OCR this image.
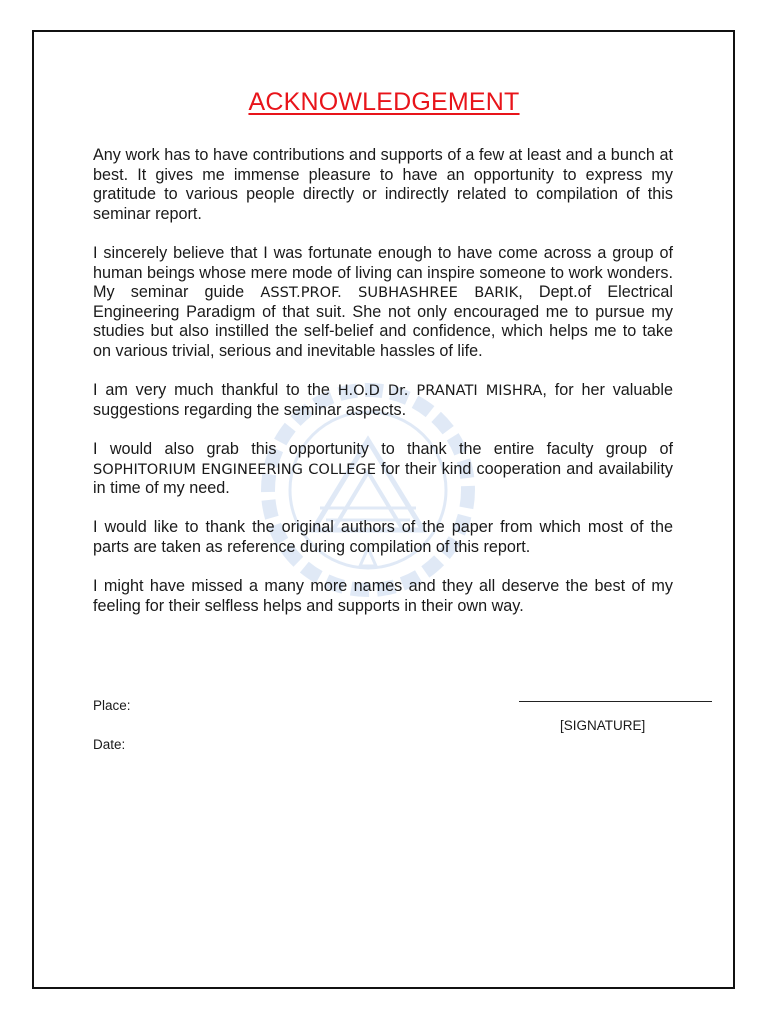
ACKNOWLEDGEMENT

Any work has to have contributions and supports of a few at least and a bunch at best. It gives me immense pleasure to have an opportunity to express my gratitude to various people directly or indirectly related to compilation of this seminar report.

I sincerely believe that I was fortunate enough to have come across a group of human beings whose mere mode of living can inspire someone to work wonders. My seminar guide ASST.PROF. SUBHASHREE BARIK, Dept.of Electrical Engineering Paradigm of that suit. She not only encouraged me to pursue my studies but also instilled the self-belief and confidence, which helps me to take on various trivial, serious and inevitable hassles of life.

I am very much thankful to the H.O.D Dr. PRANATI MISHRA, for her valuable suggestions regarding the seminar aspects.

I would also grab this opportunity to thank the entire faculty group of SOPHITORIUM ENGINEERING COLLEGE for their kind cooperation and availability in time of my need.

I would like to thank the original authors of the paper from which most of the parts are taken as reference during compilation of this report.

I might have missed a many more names and they all deserve the best of my feeling for their selfless helps and supports in their own way.

Place:
Date:
[SIGNATURE]
